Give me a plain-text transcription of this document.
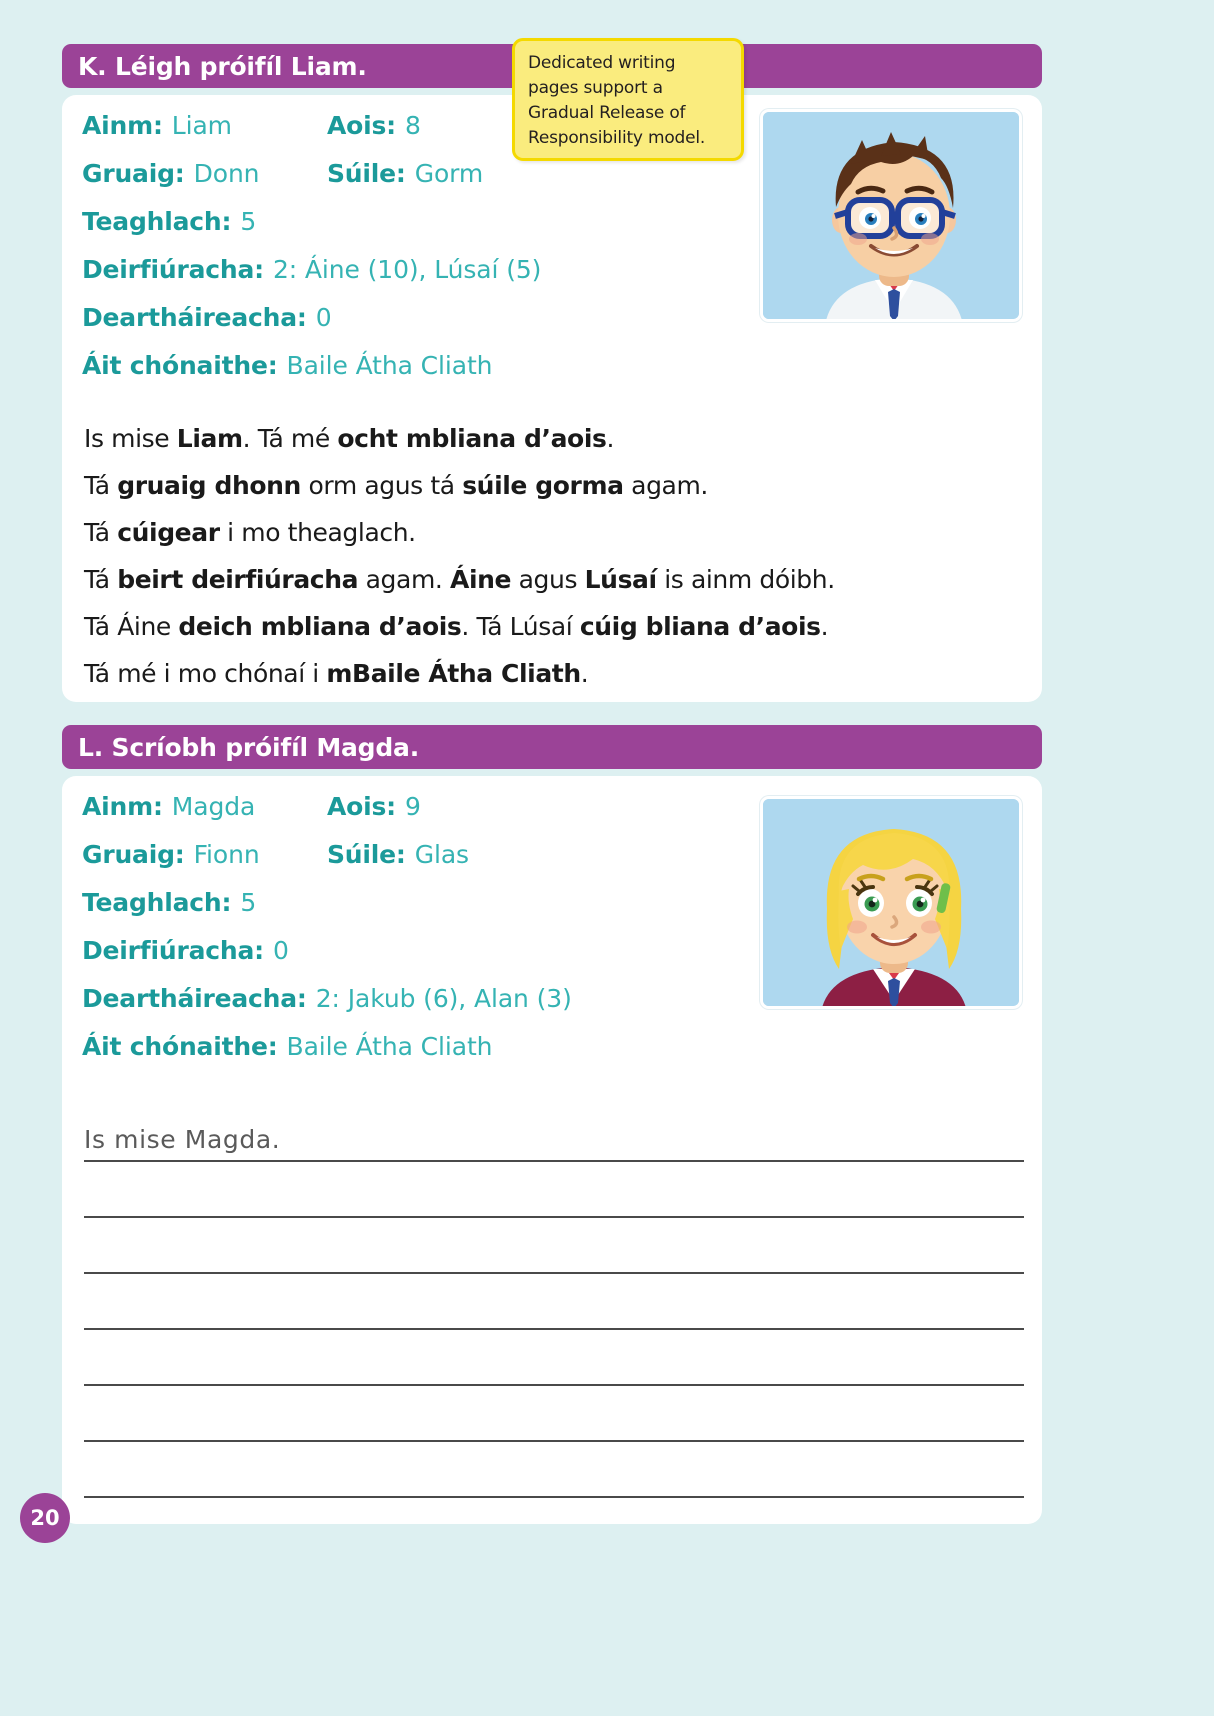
K. Léigh próifíl Liam.
Ainm: Liam	Aois: 8
Gruaig: Donn	Súile: Gorm
Teaghlach: 5
Deirfiúracha: 2: Áine (10), Lúsaí (5)
Deartháireacha: 0
Áit chónaithe: Baile Átha Cliath
Is mise Liam. Tá mé ocht mbliana d’aois.
Tá gruaig dhonn orm agus tá súile gorma agam.
Tá cúigear i mo theaglach.
Tá beirt deirfiúracha agam. Áine agus Lúsaí is ainm dóibh.
Tá Áine deich mbliana d’aois. Tá Lúsaí cúig bliana d’aois.
Tá mé i mo chónaí i mBaile Átha Cliath.
L. Scríobh próifíl Magda.
Ainm: Magda	Aois: 9
Gruaig: Fionn	Súile: Glas
Teaghlach: 5
Deirfiúracha: 0
Deartháireacha: 2: Jakub (6), Alan (3)
Áit chónaithe: Baile Átha Cliath
Is mise Magda.
Dedicated writing pages support a Gradual Release of Responsibility model.
20
